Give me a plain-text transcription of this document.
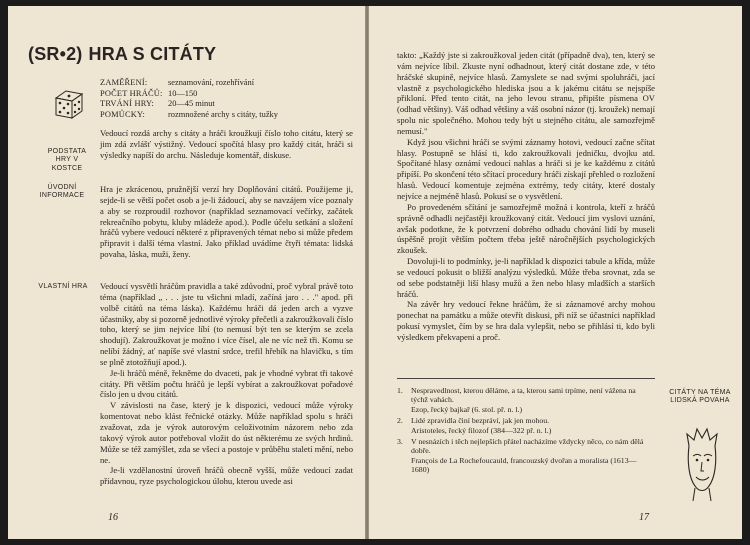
(SR•2) HRA S CITÁTY
ZAMĚŘENÍ:	seznamování, rozehřívání
POČET HRÁČŮ: 10—150
TRVÁNÍ HRY:	20—45 minut
POMŮCKY:	rozmnožené archy s citáty, tužky
PODSTATA HRY V KOSTCE

Vedoucí rozdá archy s citáty a hráči kroužkují číslo toho citátu, který se jim zdá zvlášť výstižný. Vedoucí spočítá hlasy pro každý citát, hráči si výsledky napíší do archu. Následuje komentář, diskuse.

ÚVODNÍ INFORMACE

Hra je zkrácenou, pružnější verzí hry Doplňování citátů. Použijeme ji, sejde-li se větší počet osob a je-li žádoucí, aby se navzájem více poznaly a aby se rozproudil rozhovor (například seznamovací večírky, začátek rekreačního pobytu, kluby mládeže apod.). Podle účelu setkání a složení hráčů vybere vedoucí některé z připravených témat nebo si může předem připravit i další téma vlastní. Jako příklad uvádíme čtyři témata: lidská povaha, láska, muži, ženy.

VLASTNÍ HRA Vedoucí vysvětlí hráčům pravidla a také zdůvodní, proč vybral právě toto téma (například „ . . . jste tu všichni mladí, začíná jaro . . ." apod. při volbě citátů na téma láska). Každému hráči dá jeden arch a vyzve účastníky, aby si pozorně jednotlivé výroky přečetli a zakroužkovali číslo toho, který se jim nejvíce líbí (to nemusí být ten se kterým se zcela shodují). Zakroužkovat je možno i více čísel, ale ne víc než tři. Komu se nelíbí žádný, ať napíše své vlastní srdce, trefil hřebík na hlavičku, s tím se plně ztotožňují apod.).

Je-li hráčů méně, řekněme do dvaceti, pak je vhodné vybrat tři takové citáty. Při větším počtu hráčů je lepší vybírat a zakroužkovat pořadové číslo jen u dvou citátů.

V závislosti na čase, který je k dispozici, vedoucí může výroky komentovat nebo klást řečnické otázky. Může například spolu s hráči zvažovat, zda je výrok autorovým celoživotním názorem nebo zda takový výrok autor potřeboval vložit do úst některému ze svých hrdinů. Může se též zamýšlet, zda se všeci a postoje v průběhu staletí mění, nebo ne.

Je-li vzdělanostní úroveň hráčů obecně vyšší, může vedoucí zadat přídavnou, ryze psychologickou úlohu, kterou uvede asi

16

takto: „Každý jste si zakroužkoval jeden citát (případně dva), ten, který se vám nejvíce líbil. Zkuste nyní odhadnout, který citát dostane zde, v této hráčské skupině, nejvíce hlasů. Zamyslete se nad svými spoluhráči, jací vlastně z psychologického hlediska jsou a k jakému citátu se nejspíše přikloní. Před tento citát, na jeho levou stranu, připište písmena OV (odhad většiny). Váš odhad většiny a váš osobní názor (tj. kroužek) nemají spolu nic společného. Mohou tedy být u stejného citátu, ale samozřejmě nemusí."

Když jsou všichni hráči se svými záznamy hotovi, vedoucí začne sčítat hlasy. Postupně se hlásí ti, kdo zakroužkovali jedničku, dvojku atd. Spočítané hlasy oznámí vedoucí nahlas a hráči si je ke každému z citátů připíší. Po skončení této sčítací procedury hráči získají přehled o rozložení hlasů. Vedoucí komentuje zejména extrémy, tedy citáty, které dostaly nejvíce a nejméně hlasů. Pokusí se o vysvětlení.

Po provedeném sčítání je samozřejmě možná i kontrola, kteří z hráčů správně odhadli nejčastěji kroužkovaný citát. Vedoucí jim vyslovi uznání, avšak podotkne, že k potvrzení dobrého odhadu chování lidí by museli úspěšně projít větším počtem třeba ještě náročnějších psychologických zkoušek.

Dovoluji-li to podmínky, je-li například k dispozici tabule a křída, může se vedoucí pokusit o bližší analýzu výsledků. Může třeba srovnat, zda se od sebe podstatněji liší hlasy mužů a žen nebo hlasy mladších a starších hráčů.

Na závěr hry vedoucí řekne hráčům, že si záznamové archy mohou ponechat na památku a může otevřít diskusi, při níž se účastníci například pokusí vymyslet, čím by se hra dala vylepšit, nebo se přihlásí ti, kdo byli výsledkem překvapeni a proč.

1.	Nespravedlnost, kterou děláme, a ta, kterou sami trpíme, není vážena na týchž vahách.
Ezop, řecký bajkař (6. stol. př. n. l.)
2.	Lidé zpravidla činí bezpráví, jak jen mohou.
Aristoteles, řecký filozof (384—322 př. n. l.)
3.	V nesnázích i těch nejlepších přátel nacházíme vždycky něco, co nám dělá dobře.
François de La Rochefoucauld, francouzský dvořan a moralista (1613—1680)
CITÁTY NA TÉMA LIDSKÁ POVAHA
17
